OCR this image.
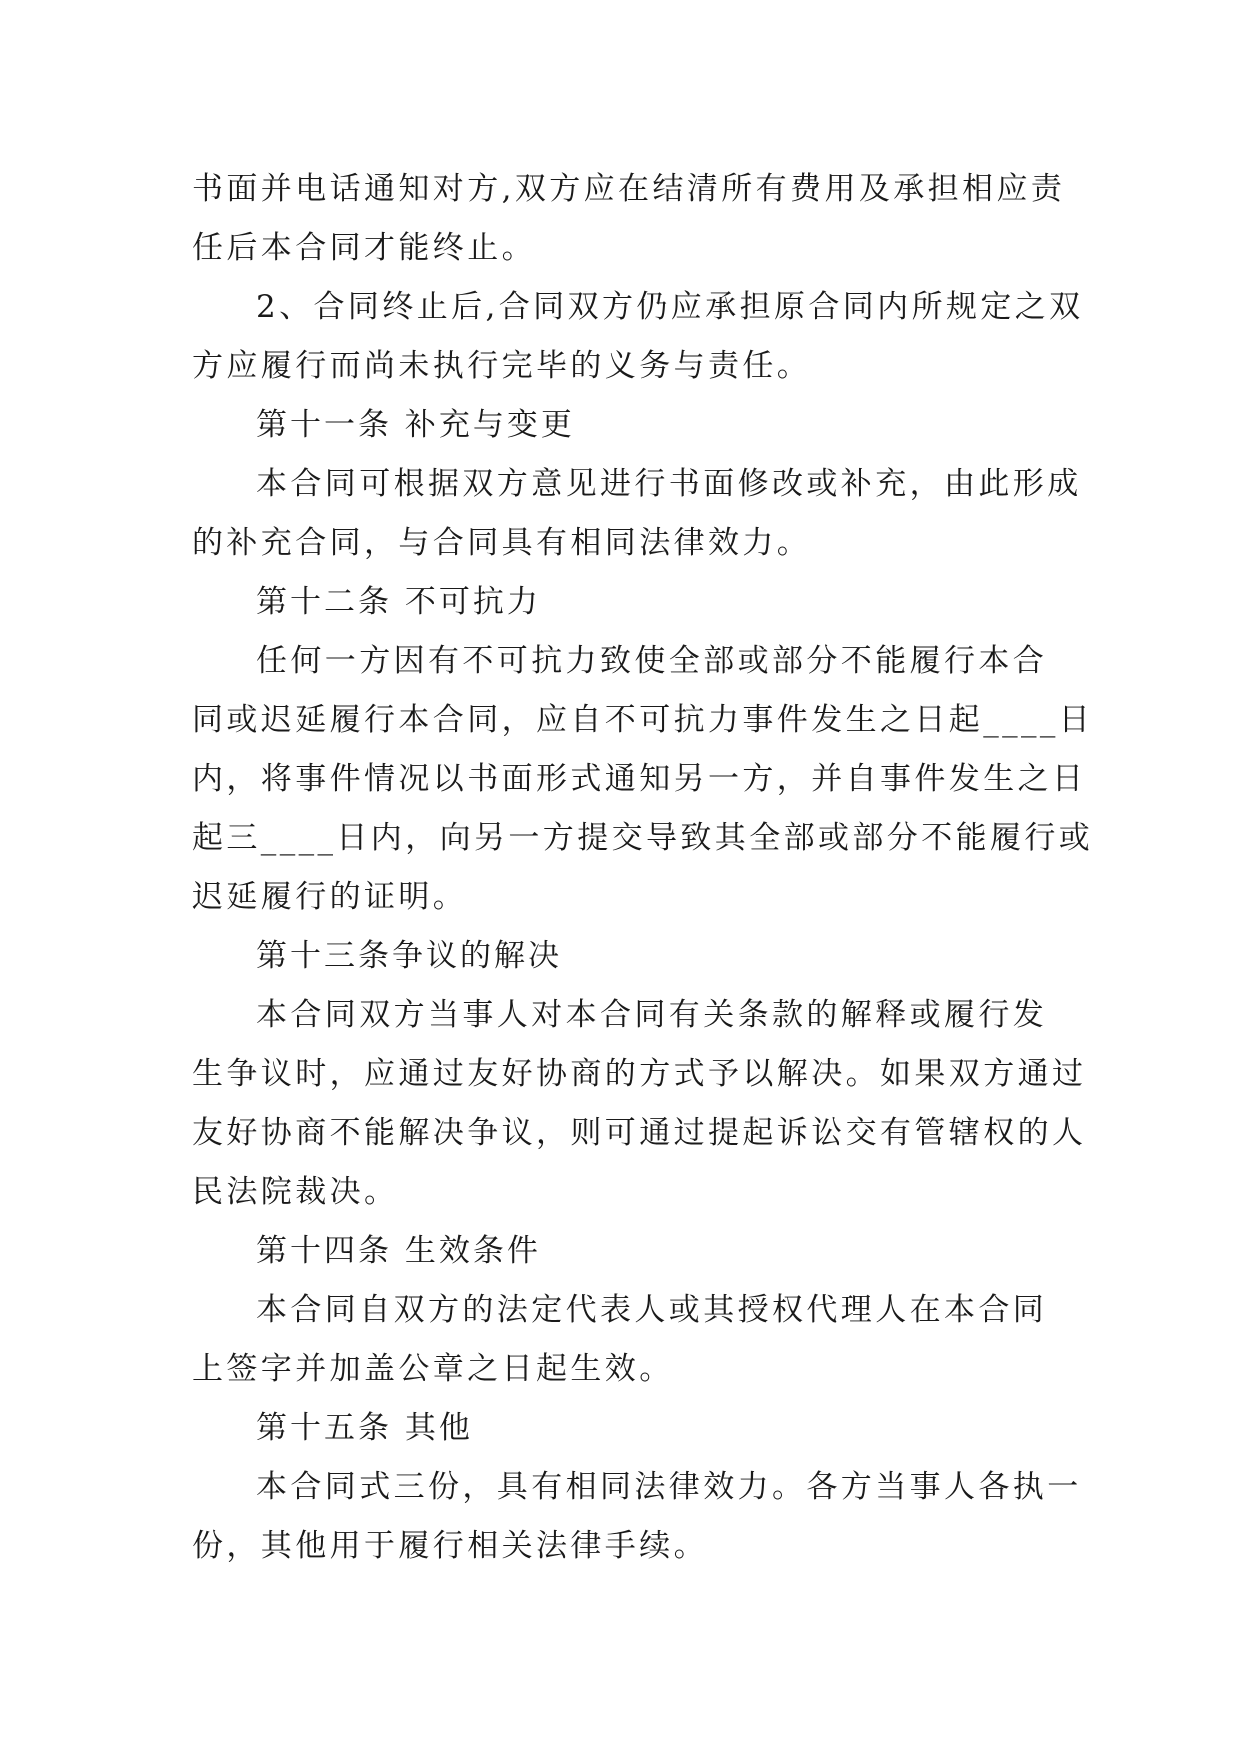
书面并电话通知对方,双方应在结清所有费用及承担相应责
任后本合同才能终止。
2、合同终止后,合同双方仍应承担原合同内所规定之双
方应履行而尚未执行完毕的义务与责任。
第十一条 补充与变更
本合同可根据双方意见进行书面修改或补充，由此形成
的补充合同，与合同具有相同法律效力。
第十二条 不可抗力
任何一方因有不可抗力致使全部或部分不能履行本合
同或迟延履行本合同，应自不可抗力事件发生之日起____日
内，将事件情况以书面形式通知另一方，并自事件发生之日
起三____日内，向另一方提交导致其全部或部分不能履行或
迟延履行的证明。
第十三条争议的解决
本合同双方当事人对本合同有关条款的解释或履行发
生争议时，应通过友好协商的方式予以解决。如果双方通过
友好协商不能解决争议，则可通过提起诉讼交有管辖权的人
民法院裁决。
第十四条 生效条件
本合同自双方的法定代表人或其授权代理人在本合同
上签字并加盖公章之日起生效。
第十五条 其他
本合同式三份，具有相同法律效力。各方当事人各执一
份，其他用于履行相关法律手续。
